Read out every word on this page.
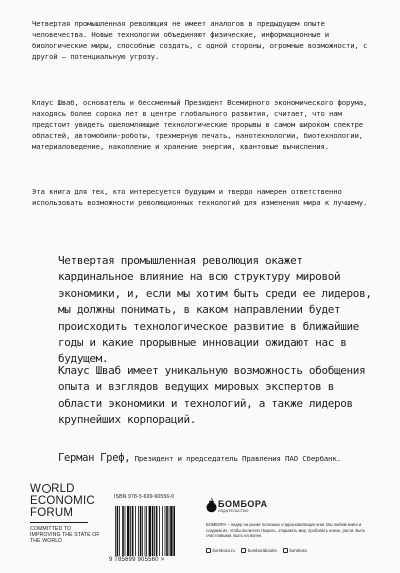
Четвертая промышленная революция не имеет аналогов в предыдущем опыте человечества. Новые технологии объединяют физические, информационные и биологические миры, способные создать, с одной стороны, огромные возможности, с другой – потенциальную угрозу.
Клаус Шваб, основатель и бессменный Президент Всемирного экономического форума, находясь более сорока лет в центре глобального развития, считает, что нам предстоит увидеть ошеломляющие технологические прорывы в самом широком спектре областей, автомобили-роботы, трехмерную печать, нанотехнологии, биотехнологии, материаловедение, накопление и хранение энергии, квантовые вычисления.
Эта книга для тех, кто интересуется будущим и твердо намерен ответственно использовать возможности революционных технологий для изменения мира к лучшему.
Четвертая промышленная революция окажет кардинальное влияние на всю структуру мировой экономики, и, если мы хотим быть среди ее лидеров, мы должны понимать, в каком направлении будет происходить технологическое развитие в ближайшие годы и какие прорывные инновации ожидают нас в будущем.
Клаус Шваб имеет уникальную возможность обобщения опыта и взглядов ведущих мировых экспертов в области экономики и технологий, а также лидеров крупнейших корпораций.
Герман Греф, Президент и председатель Правления ПАО Сбербанк.
W RLD
ECONOMIC
FORUM
COMMITTED TO IMPROVING THE STATE OF THE WORLD
ISBN 978-5-699-90556-0
9 785699 905560 >
БОМБОРА
ИЗДАТЕЛЬСТВО
БОМБОРА – лидер на рынке полезных и вдохновляющих книг. Мы любим книги и создаем их, чтобы вы могли творить, открывать мир, пробовать новое, расти. Быть счастливыми. Быть на волне.
bombora.ru	bomborabooks	bombora
